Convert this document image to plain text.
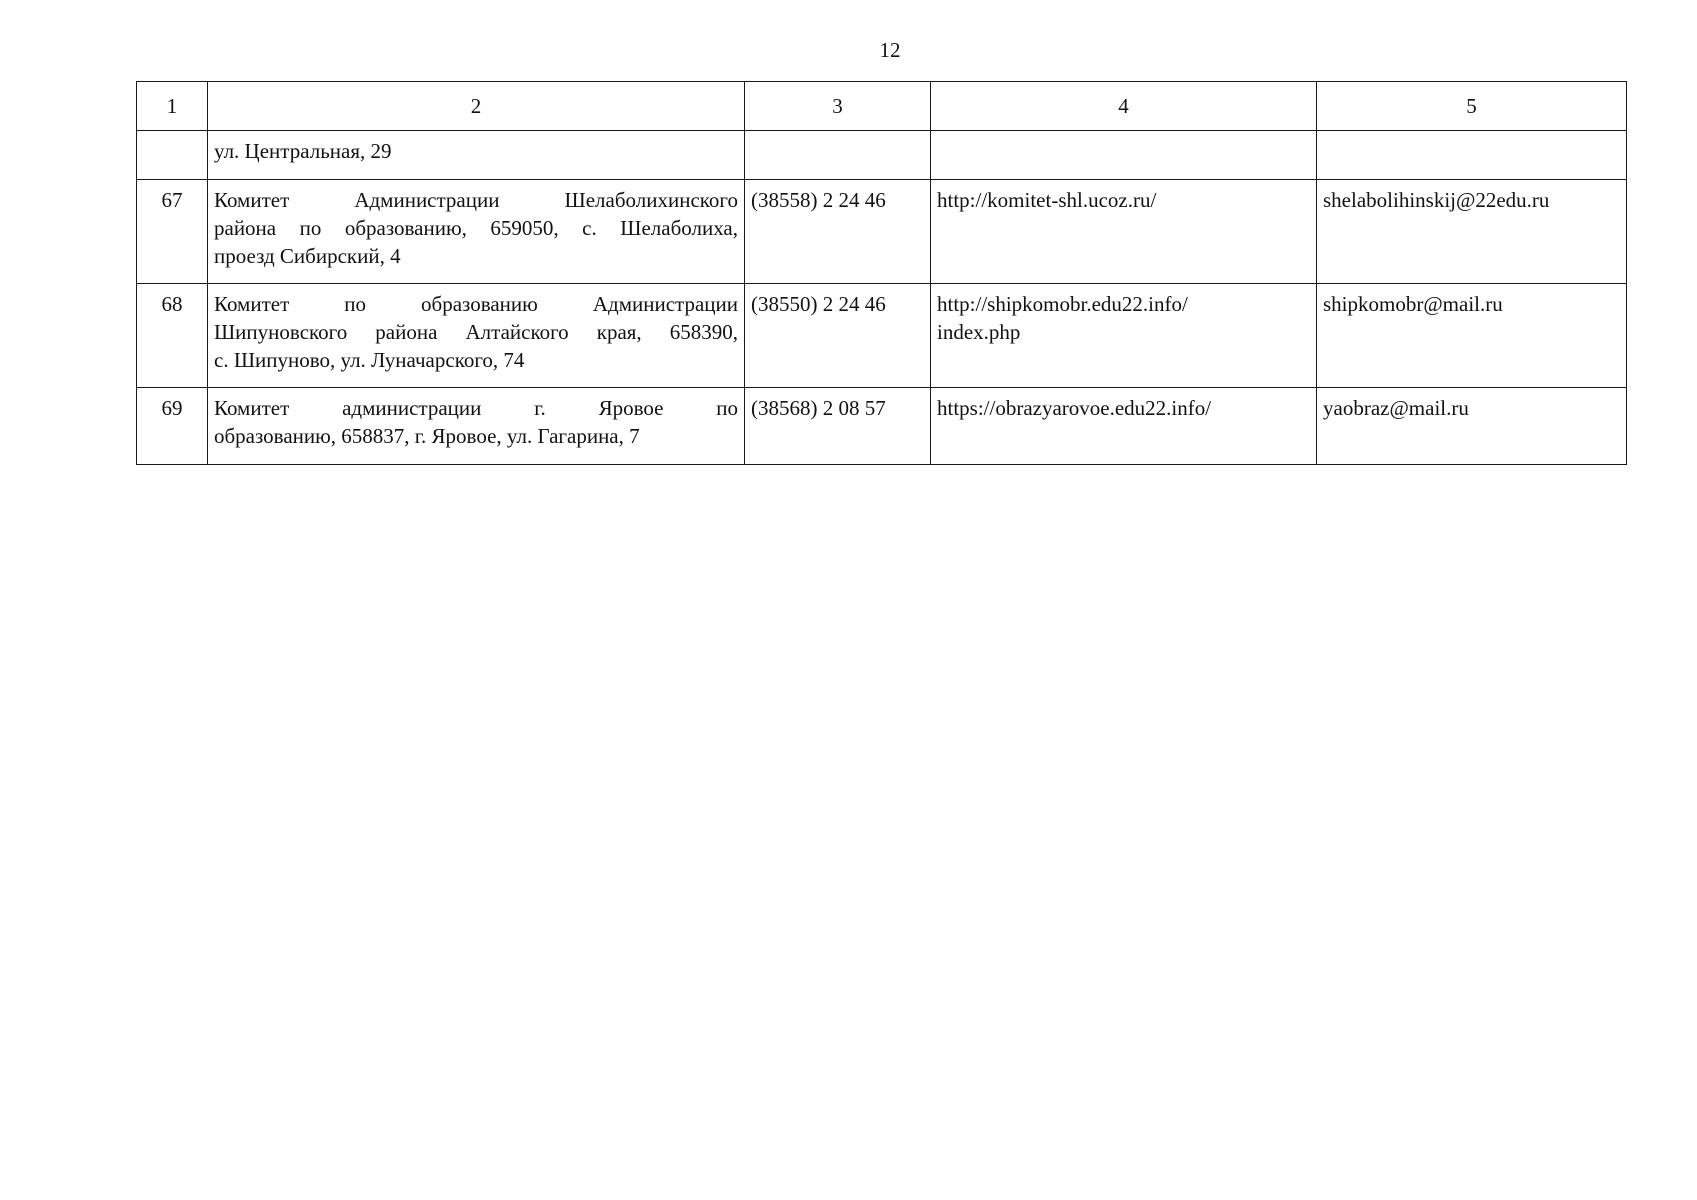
12
1	2	3	4	5

	ул. Центральная, 29			

67	Комитет Администрации Шелаболихинского
района по образованию, 659050, с. Шелаболиха,
проезд Сибирский, 4	(38558) 2 24 46	http://komitet-shl.ucoz.ru/	shelabolihinskij@22edu.ru
68	Комитет по образованию Администрации
Шипуновского района Алтайского края, 658390,
с. Шипуново, ул. Луначарского, 74	(38550) 2 24 46	http://shipkomobr.edu22.info/
index.php	shipkomobr@mail.ru
69	Комитет администрации г. Яровое по
образованию, 658837, г. Яровое, ул. Гагарина, 7	(38568) 2 08 57	https://obrazyarovoe.edu22.info/	yaobraz@mail.ru
